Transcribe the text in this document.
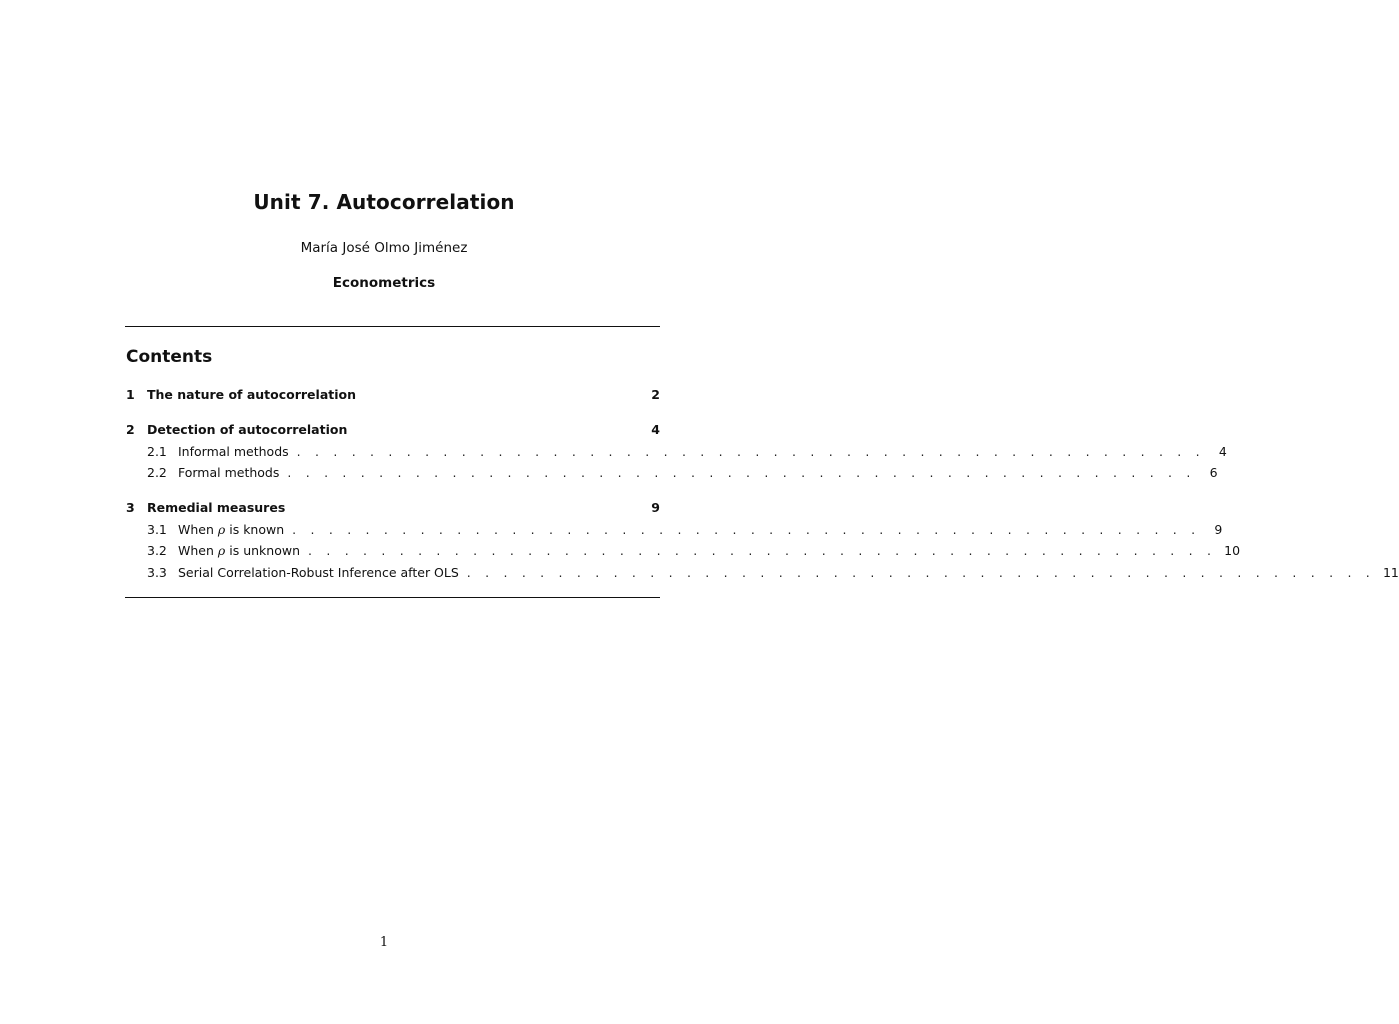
Unit 7. Autocorrelation
María José Olmo Jiménez
Econometrics
Contents
1 The nature of autocorrelation	2
2 Detection of autocorrelation	4
2.1 Informal methods . . . . . . . . . . . . . . . . . . . . . . . . . . . . . . . . . . . . . . . . . . . . . . . . . .	4
2.2 Formal methods . . . . . . . . . . . . . . . . . . . . . . . . . . . . . . . . . . . . . . . . . . . . . . . . . .	6
3 Remedial measures	9
3.1 When ρ is known . . . . . . . . . . . . . . . . . . . . . . . . . . . . . . . . . . . . . . . . . . . . . . . . . .	9
3.2 When ρ is unknown . . . . . . . . . . . . . . . . . . . . . . . . . . . . . . . . . . . . . . . . . . . . . . . . . . 10
3.3 Serial Correlation-Robust Inference after OLS . . . . . . . . . . . . . . . . . . . . . . . . . . . . . . . . . . . . . . . . . . . . . . . . . . 11
1
